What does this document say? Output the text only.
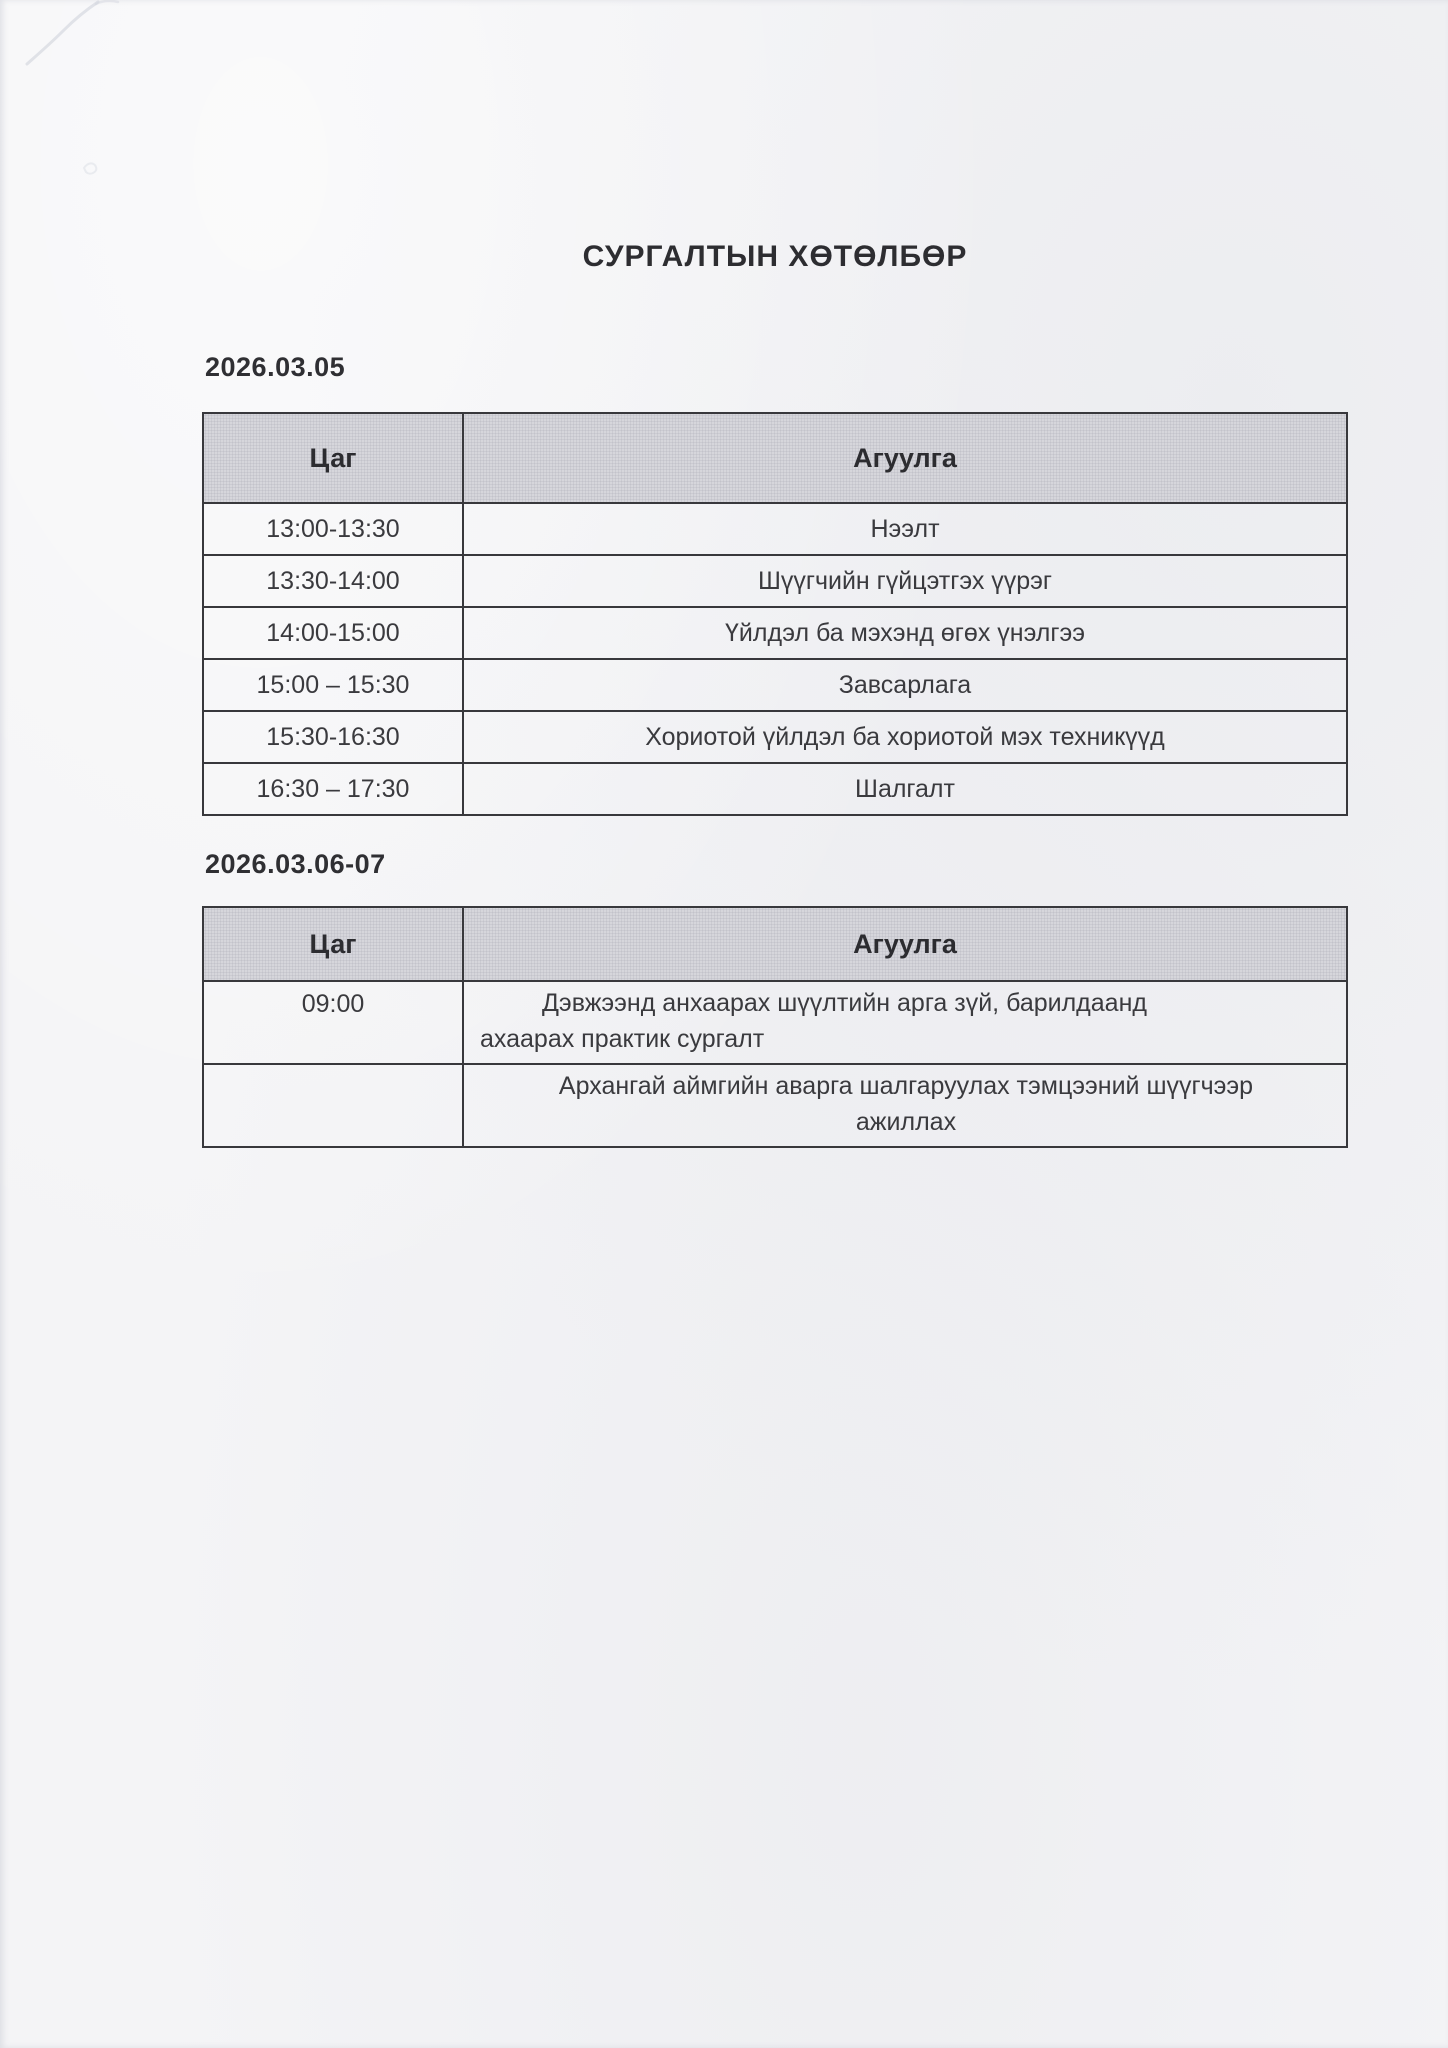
СУРГАЛТЫН ХӨТӨЛБӨР
2026.03.05
Цаг	Агуулга
13:00-13:30	Нээлт
13:30-14:00	Шүүгчийн гүйцэтгэх үүрэг
14:00-15:00	Үйлдэл ба мэхэнд өгөх үнэлгээ
15:00 – 15:30	Завсарлага
15:30-16:30	Хориотой үйлдэл ба хориотой мэх техникүүд
16:30 – 17:30	Шалгалт
2026.03.06-07
Цаг	Агуулга
09:00	Дэвжээнд анхаарах шүүлтийн арга зүй, барилдаанд
ахаарах практик сургалт

	Архангай аймгийн аварга шалгаруулах тэмцээний шүүгчээр
ажиллах
